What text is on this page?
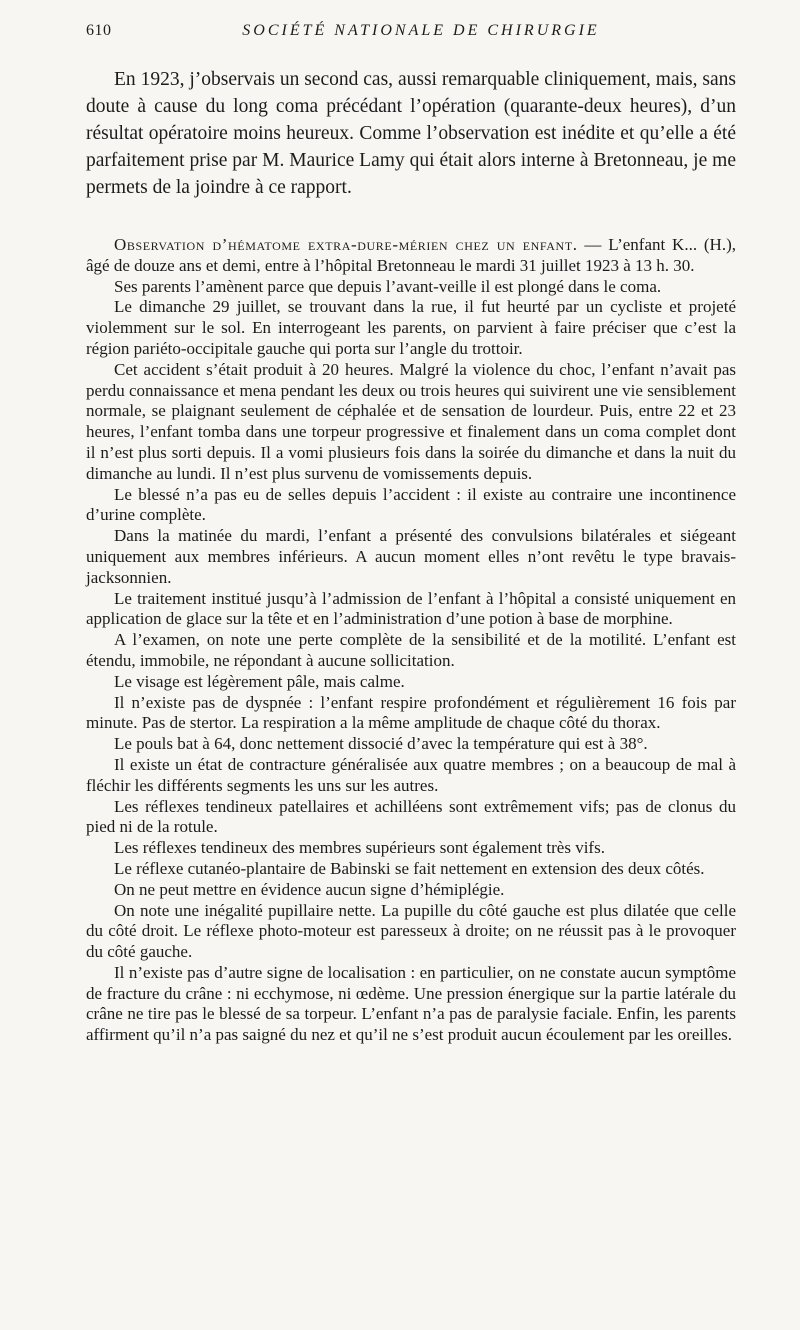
610	SOCIÉTÉ NATIONALE DE CHIRURGIE

En 1923, j’observais un second cas, aussi remarquable cliniquement, mais, sans doute à cause du long coma précédant l’opération (quarante-deux heures), d’un résultat opératoire moins heureux. Comme l’observation est inédite et qu’elle a été parfaitement prise par M. Maurice Lamy qui était alors interne à Bretonneau, je me permets de la joindre à ce rapport.

Observation d’hématome extra-dure-mérien chez un enfant. — L’enfant K... (H.), âgé de douze ans et demi, entre à l’hôpital Bretonneau le mardi 31 juillet 1923 à 13 h. 30.

Ses parents l’amènent parce que depuis l’avant-veille il est plongé dans le coma.

Le dimanche 29 juillet, se trouvant dans la rue, il fut heurté par un cycliste et projeté violemment sur le sol. En interrogeant les parents, on parvient à faire préciser que c’est la région pariéto-occipitale gauche qui porta sur l’angle du trottoir.

Cet accident s’était produit à 20 heures. Malgré la violence du choc, l’enfant n’avait pas perdu connaissance et mena pendant les deux ou trois heures qui suivirent une vie sensiblement normale, se plaignant seulement de céphalée et de sensation de lourdeur. Puis, entre 22 et 23 heures, l’enfant tomba dans une torpeur progressive et finalement dans un coma complet dont il n’est plus sorti depuis. Il a vomi plusieurs fois dans la soirée du dimanche et dans la nuit du dimanche au lundi. Il n’est plus survenu de vomissements depuis.

Le blessé n’a pas eu de selles depuis l’accident : il existe au contraire une incontinence d’urine complète.

Dans la matinée du mardi, l’enfant a présenté des convulsions bilatérales et siégeant uniquement aux membres inférieurs. A aucun moment elles n’ont revêtu le type bravais-jacksonnien.

Le traitement institué jusqu’à l’admission de l’enfant à l’hôpital a consisté uniquement en application de glace sur la tête et en l’administration d’une potion à base de morphine.

A l’examen, on note une perte complète de la sensibilité et de la motilité. L’enfant est étendu, immobile, ne répondant à aucune sollicitation.

Le visage est légèrement pâle, mais calme.

Il n’existe pas de dyspnée : l’enfant respire profondément et régulièrement 16 fois par minute. Pas de stertor. La respiration a la même amplitude de chaque côté du thorax.

Le pouls bat à 64, donc nettement dissocié d’avec la température qui est à 38°.

Il existe un état de contracture généralisée aux quatre membres ; on a beaucoup de mal à fléchir les différents segments les uns sur les autres.

Les réflexes tendineux patellaires et achilléens sont extrêmement vifs; pas de clonus du pied ni de la rotule.

Les réflexes tendineux des membres supérieurs sont également très vifs.

Le réflexe cutanéo-plantaire de Babinski se fait nettement en extension des deux côtés.

On ne peut mettre en évidence aucun signe d’hémiplégie.

On note une inégalité pupillaire nette. La pupille du côté gauche est plus dilatée que celle du côté droit. Le réflexe photo-moteur est paresseux à droite; on ne réussit pas à le provoquer du côté gauche.

Il n’existe pas d’autre signe de localisation : en particulier, on ne constate aucun symptôme de fracture du crâne : ni ecchymose, ni œdème. Une pression énergique sur la partie latérale du crâne ne tire pas le blessé de sa torpeur. L’enfant n’a pas de paralysie faciale. Enfin, les parents affirment qu’il n’a pas saigné du nez et qu’il ne s’est produit aucun écoulement par les oreilles.
